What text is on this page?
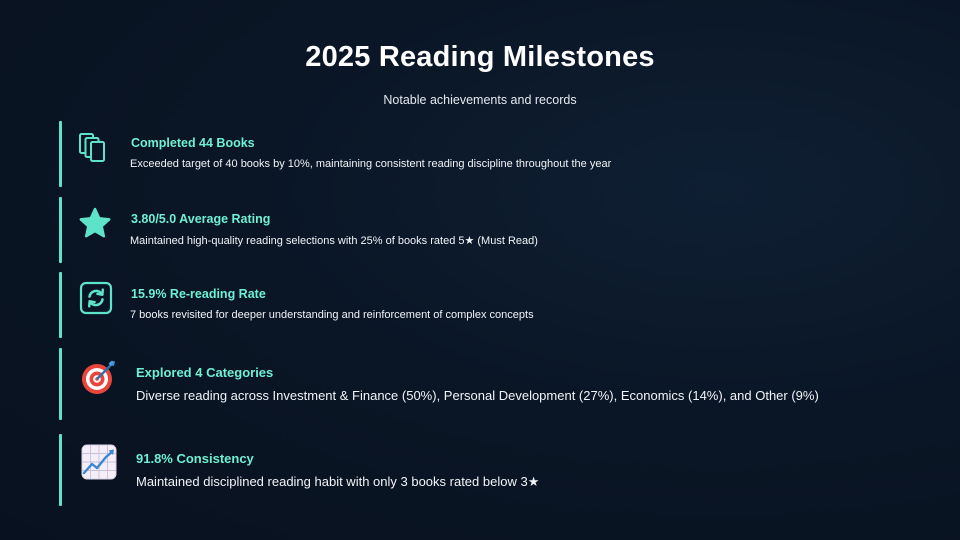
2025 Reading Milestones
Notable achievements and records
Completed 44 Books
Exceeded target of 40 books by 10%, maintaining consistent reading discipline throughout the year
3.80/5.0 Average Rating
Maintained high-quality reading selections with 25% of books rated 5★ (Must Read)
15.9% Re-reading Rate
7 books revisited for deeper understanding and reinforcement of complex concepts
Explored 4 Categories
Diverse reading across Investment & Finance (50%), Personal Development (27%), Economics (14%), and Other (9%)
91.8% Consistency
Maintained disciplined reading habit with only 3 books rated below 3★
